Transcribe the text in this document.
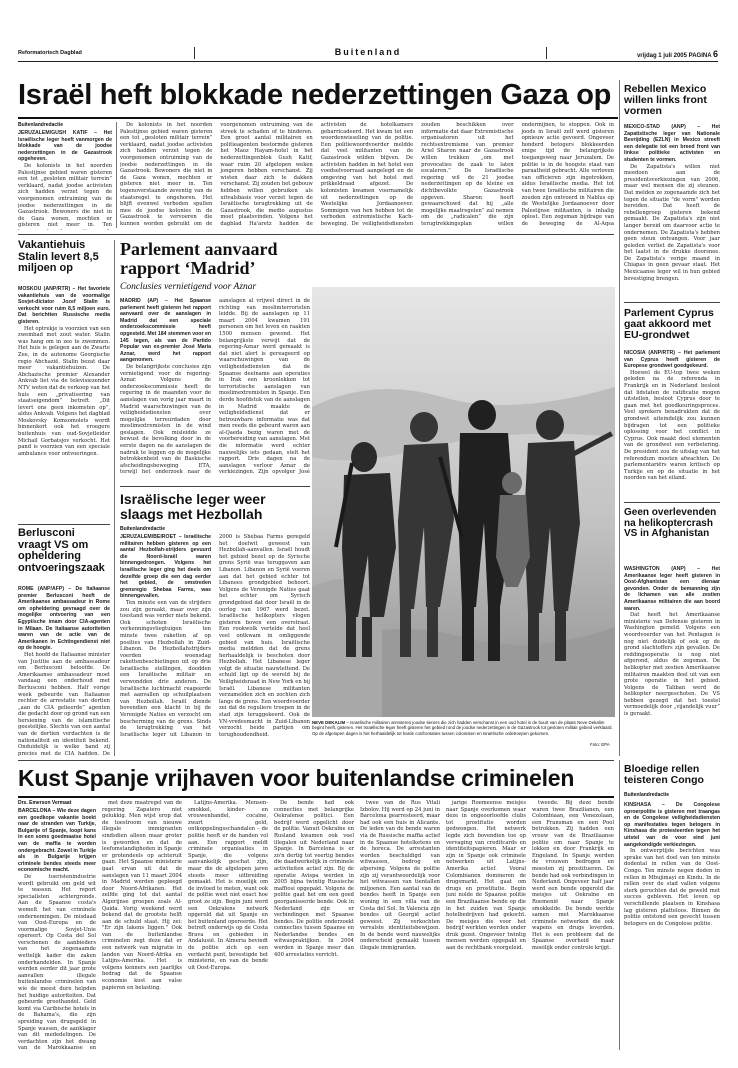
Reformatorisch Dagblad	Buitenland	vrijdag 1 juli 2005 PAGINA 6
Israël heft blokkade nederzettingen Gaza op
Buitenlandredactie

JERUZALEM/GUSH KATIF – Het Israëlische leger heeft vanmorgen de blokkade van de joodse nederzettingen in de Gazastrook opgeheven.

De kolonists in het noorden Palestijnse gebied waren gisteren een tot „gesloten militair terrein” verklaard, nadat joodse activisten zich hadden verzet tegen de voorgenomen ontruiming van de joodse nederzettingen in de Gazastrook. Bewoners die niet in de Gaza wonen, mochten er gisteren niet meer in. Ten

De kolonists in het noorden Palestijnse gebied waren gisteren een tot „gesloten militair terrein” verklaard, nadat joodse activisten zich hadden verzet tegen de voorgenomen ontruiming van de joodse nederzettingen in de Gazastrook. Bewoners die niet in de Gaza wonen, mochten er gisteren niet meer in. Ten tegenoverstaande zeventig van de staatsregel te ongehoren. Het blijft evenwel verboden spullen mee de joodse kolonies in de Gazastrook te vervoeren die kunnen worden gebruikt om de voorgenomen ontruiming van de streek te schaden of te hinderen. Een groot aantal militairen en politieagenten bestormde gisteren het Maoz Hayam-hotel in het nederzettingenblok Gush Katif, waar ruim 20 afgelopen weken jongeren hebben verschanst. Zij wisten daar zich te dakken verschanst. Zij zouden het gebouw hebben willen gebruiken als uitvalsbasis voor verzet tegen de Israëlische terugtrekking uit de Gazastrook, die medio augustus moet plaatsvinden. Volgens het dagblad Ha'aretz hadden de activisten de hotelkamers gebarricadeerd. Het kwam tot een woordenwisseling van de politie. Een politiewoordvoerder meldde dat veel militanten van de Gazastrook wilden blijven. De activisten hadden in het hotel een voedselvoorraad aangelegd en de omgeving van het hotel met prikkeldraad afgezet. De kolonisten kwamen voornamelijk uit nederzettingen op de Westelijke Jordaanoever. Sommigen van hen hebben tot de verboden extremistische Kach-beweging. De veiligheidsdiensten zouden beschikken over informatie dat daar Extremistische organisatoren uit het rechtsextremisme van premier Ariel Sharon naar de Gazastrook willen trekken „om met provocaties de zaak te laten escaleren.” De Israëlische regering wil de 21 joodse nederzettingen op de kleine en dichtbevolkte Gazastrook opgeven. Sharon heeft gewaarschuwd dat hij „alle mogelijke maatregelen” zal nemen om de „radicalen” die zijn terugtrekkingsplan willen ondermijnen, te stoppen. Ook in joods in Israël zelf werd gisteren opnieuw actie gevoerd. Ongeveer honderd betogers blokkeerden enige tijd de belangrijkste toegangsweg naar Jeruzalem. De politie is in de hoogste staat van paraatheid gebracht. Alle verloven van officieren zijn ingetrokken, aldus Israëlische media. Het tot van twee Israëlische militairen die zouden zijn ontvoerd in Nablus op de Westelijke Jordaanoever door Palestijnse militanten, is inhalig oplost. Een zegsman bijdrage van de beweging de Al-Aqsa

Vakantiehuis Stalin levert 8,5 miljoen op

MOSKOU (ANP/RTR) – Het favoriete vakantiehuis van de voormalige Sovjet-dictator Jozef Stalin is verkocht voor ruim 8,5 miljoen euro. Dat berichtten Russische media gisteren.

Het optrekje is voorzien van een zwembad met zout water. Stalin was hang om in zee te zwemmen. Het huis is gelegen aan de Zwarte Zee, in de autonome Georgische regio Abchazië. Stalin bezat daar meer vakantiehuizen. De Abchazische premier Alexander Ankvab liet via de televisiezender NTV weten dat de verkoop van het huis een „privatisering van staatseigendom” betreft. „Dit levert ons geen inkomsten op”, aldus Ankvab. Volgens het dagblad Moskovsky Komsomolets wordt binnenkort ook het vroegere buitenhuis van oud-Sovjetleider Michail Gorbatsjov verkocht. Het pand is voorzien van een speciale ambulance voor ontvoeringen.

Berlusconi vraagt VS om opheldering ontvoeringszaak

ROME (ANP/AFP) – De Italiaanse premier Berlusconi heeft de Amerikaanse ambassadeur in Rome om opheldering gevraagd over de mogelijke ontvoering van een Egyptische imam door CIA-agenten in Milaan. De Italiaanse autoriteiten waren van de actie van de Amerikanen in Echtingendienst niet op de hoogte.

Het hoofd de Italiaanse minister van Justitie aan de ambassadeur om Berlusconi beloofde. De Amerikaanse ambassadeur moet vandaag een onderhoud met Berlusconi hebben. Half vorige week gebeurde van Italiaanse rechter de arrestatie van dertien „aan de CIA gelieerde” agenten die gedacht door op grond van een hersiening van de islamitische geestelijke. Slechts van een aantal van de dertien verdachten is de nationaliteit en identiteit bekend. Onduidelijk is welke band zij precies met de CIA hadden. De

Parlement aanvaard rapport ‘Madrid’
Conclusies vernietigend voor Aznar

MADRID (AP) – Het Spaanse parlement heeft gisteren het rapport aanvaard over de aanslagen in Madrid dat een speciale onderzoekscommissie heeft opgesteld. Met 184 stemmen voor en 145 tegen, als van de Partido Popular van ex-premier José María Aznar, werd het rapport aangenomen.

De belangrijkste conclusies zijn vernietigend voor de regering-Aznar. Volgens de onderzoekscommissie heeft de regering in de maanden voor de aanslagen van vorig jaar maart in Madrid waarschuwingen van de veiligheidsdiensten over mogelijke terreurdaden door moslimextremisten in de wind geslagen. Ook misleidde ze bewust de bevolking door in de eerste dagen na de aanslagen de nadruk te leggen op de mogelijke betrokkenheid van de Baskische afscheidingsbeweging ETA, terwijl het onderzoek naar de aanslagen al vrijwel direct in de richting van moslimterroristen leidde. Bij de aanslagen op 11 maart 2004 kwamen 191 personen om het leven en raakten 1500 mensen gewond. Het belangrijkste verwijt dat de regering-Aznar werd gemaakt is dat niet alert is gereageerd op waarschuwingen van de veiligheidsdiensten dat de Spaanse deelname aan operaties in Irak een kroonlekken tot terroristische aanslagen van moslimextremisten in Spanje. Een derde hoofdstuk van de aanslagen in Madrid maakte de veiligheidsdienst dat er betrouwbare informatie was dat men reeds die gebeurd waren aan al-Qaeda bezig waren met de voorbereiding van aanslagen. Met die informatie werd echter nauwelijks iets gedaan, stelt het rapport. Drie dagen na de aanslagen verloor Aznar de verkiezingen. Zijn opvolger José

Israëlische leger weer slaags met Hezbollah
Buitenlandredactie

JERUZALEM/BEIROET – Israëlische militairen hebben gisteren op een aantal Hezbollah-strijders gevuurd die Noord-Israël waren binnengedrongen. Volgens het Israëlische leger ging het deels om dezelfde groep die een dag eerder het gebied, de omstreden grensregio Shebaa Farms, was binnengevallen.

Ten minste een van de strijders zou zijn geraakt, maar over zijn toestand was verder niets bekend. Ook schoten Israëlische verkenningsvliegtuigen ten minste twee raketten af op posities van Hezbollah in Zuid-Libanon. De Hezbollahstrijders voerden woensdag rakettenbeschietingen uit op drie Israëlische stellingen, doodden een Israëlische militair en verwondden drie anderen. De Israëlische luchtmacht reageerde met aanvallen op schuilplaatsen van Hezbollah. Israël diende bovendien een klacht in bij de Verenigde Naties en verzocht om bescherming van de grens. Sinds de terugtrekking van het Israëlische leger uit Libanon in 2000 is Shebaa Farms geregeld het doelwit geweest van Hezbollah-aanvallen. Israël houdt het gebied bezet op de Syrische grens Syrië was teruggaven aan Libanon. Libanon en Syrië voeren aan dat het gebied echter tot Libanees grondgebied behoort. Volgens de Verenigde Naties gaat het echter om Syrisch grondgebied dat door Israël in de oorlog van 1967 werd bezet. Israëlische helikopters vlogen gisteren boven een overstraat. Een rookwolk vertelde dat heel veel ontkwam in omliggende gebied van huis. Israëlische media meldden dat de grens herhaaldelijk is beschoten door Hezbollah. Het Libanese leger volgt de situatie nauwlettend. De schuld ligt op de wereld bij de Veiligheidsraad in New York en bij Israël. Libanese militanten verzamelden zich en zochten zich langs de grens. Een woordvoerder zei dat de reguliere troepen in de stad zijn teruggekeerd. Ook de VN-vredesmacht in Zuid-Libanon verzocht beide partijen om terughoudendheid.

NEVE DEKALIM – Israëlische militairen arresteren joodse tieners die zich hadden verschanst in een oud hotel in de buurt van de plaats Neve Dekalim begint heeft, gisteren. Het Israëlische leger heeft gisteren het gebied rond de joodse nederzettingen in de Gazastrook tot gesloten militair gebied verklaard. Op de afgelopen dagen is het herhaaldelijk tot harde confrontaties tussen colonisten en Israëlische ordetroepen gekomen.
Foto: EPA
Rebellen Mexico willen links front vormen

MEXICO-STAD (ANP) – Het Zapatistische leger van Nationale Bevrijding (EZLN) in Mexico streeft een delegatie tot een breed front van linkse politieke activisten en studenten te vormen.

De Zapatista's willen niet meedoen aan de presidentsverkiezingen van 2006, maar wel mensen die zij steunen. Dat melden ze zogenaamde zich het tegen de situatie "de vorm" worden bereiden. Dat heeft de rebellengroep gisteren bekend gemaakt. De Zapatista's zijn niet langer bereid om daarvoor actie te ondernemen. De Zapatista's hebben geen steun ontvangen. Voor jaar geleden verliet de Zapatista's voor het laatst in de drukke doorsnee. De Zapatista's vorige maand in Chiapas in geen gevaar staat. Het Mexicaanse leger wil in hun gebied bevestiging brengen.

Parlement Cyprus gaat akkoord met EU-grondwet

NICOSIA (ANP/RTR) – Het parlement van Cyprus heeft gisteren de Europese grondwet goedgekeurd.

Hoewel de EU-top twee weken geleden na de referenda in Frankrijk en in Nederland besloot dat lidstaten de ratificatie mogen uitstellen, besloot Cyprus door te gaan met het goedkeuringsproces. Veel sprekers benadrukten dat de grondwet uiteindelijk zou kunnen bijdragen tot een politieke oplossing voor het conflict in Cyprus. Ook maakt deel elementen van de grondwet een verbetering. De president zou de uitslag van het referendum moeten afwachten. De parlementariërs waren kritisch op Turkije en op de situatie in het noorden van het eiland.

Geen overlevenden na helikoptercrash VS in Afghanistan

WASHINGTON (ANP) – Het Amerikaanse leger heeft gisteren in Oost-Afghanistan een dienaar gevonden. Onder de bemanning zijn de lichamen van alle zestien Amerikaanse militairen die aan boord waren.

Dat heeft het Amerikaanse ministerie van Defensie gisteren in Washington gemeld. Volgens een woordvoerder van het Pentagon is nog niet duidelijk of ook op de grond slachtoffers zijn gevallen. De reddingsoperatie is nog niet afgerond, aldus de zegsman. De helikopter met zestien Amerikaanse militairen maakten deel uit van een grote operatie in het gebied. Volgens de Taliban werd de helikopter neergeschoten. De VS hebben gezegd dat het toestel vermoedelijk door „vijandelijk vuur” is geraakt.

Kust Spanje vrijhaven voor buitenlandse criminelen
Drs. Emerson Vermaat

BARCELONA – Wie deze dagen een goedkope vakantie boekt naar de stranden van Turkije, Bulgarije of Spanje, loopt kans in een soms goedmaatse hotel van de maffia te worden ondergebracht. Zowel in Turkije als in Bulgarije krijgen criminele bendes steeds meer economische macht.

De toeristenindustrie wordt gebruikt om geld wit te wassen. Het report specialisten achtergronds. Aan de Spaanse costa's wemelt het van criminele ondernemingen. De misdaad van Oost-Europa en de voormalige Sovjet-Unie opereert. Op Costa del Sol verschenen de aanbieders van het zogenaamde wettelijk kader die zaken onderhandelden. In Spanje werden eerder dit jaar grote aanvallen illegale buitenlandse criminelen van wie de meest dure helpden het huidige autoriteiten. Dat gebeurde groothandel. Geld komt via Caribische hotels in de Bahama's, die zijn spreiding van drugsgeld in Spanje wassen, de aanklager van dit mededelingen. De verdachten zijn het dwang van de Marokkaanse en

met deze maatregel van de regering Zapatero niet gelukkig. Men wijst erop dat de toestroom van nieuwe illegale immigranten sindsdien alleen maar groter is geworden en dat de leefomstandigheden in Spanje er grotendeels op achteruit gaan. Het Spaanse ministerie gaat ervan uit dat de aanslagen van 11 maart 2004 in Madrid werden gepleegd door Noord-Afrikanen. Het zelfde ging tot dat aantal Algerijnse groepen zoals Al-Qaida. Vorig weekend werd bekend dat de grootste helft aan de schuld staat. Hij zei: "Er zijn lakens liggen." Ook van de buitenlandse criminelen zegt deze dat er een netwerk van migratie in landen van Noord-Afrika en Latijns-Amerika. Het is volgens kenners een jaarlijks bedrag dat de Spaanse economie kost aan valse papieren en belasting.

Latijns-Amerika. Mensen-smokkel, kinder- en vrouwenhandel, cocaïne, zwart geld, ontkoppelingsschandalen – de politie heeft er de handen vol aan. Een rapport meldt criminele organisaties in Spanje, die volgens aanvankelijk geschat zijn, maar die de afgelopen jaren steeds meer uitbreiding gemaakt. Het is moeilijk om de invloed te meten, want ook de politie weet niet exact hoe groot ze zijn. Begin juni werd een Oekraïens netwerk opgerold dat uit Spanje en het buitenland opereerde. Het betreft onderwijs op de Costa Brava en gebieden in Andalusië. In Almeria bevindt de politie zich op een verdacht punt, bevestigde het ministerie, en van de bende uit Oost-Europa.

De bende had ook connecties met belangrijke Oekraïense politici. Een bedrijf werd opgelicht door de politie. Vanuit Oekraïne en Rusland kwamen ook veel illegalen uit Nederland naar Spanje. In Barcelona is er zo'n dertig tot veertig bendes die daadwerkelijk in criminele activiteiten actief zijn. Bij de operatie Avispa werden in 2005 bijna twintig Russische maffiosi opgepakt. Volgens de politie gaat het om een goed georganiseerde bende. Ook in Nederland zijn er verbindingen met Spaanse bendes. De politie onderzoekt connecties tussen Spaanse en Nederlandse bendes en witwaspraktijken. In 2004 werden in Spanje meer dan 400 arrestaties verricht.

twee van de Rus Vitali Izbolov. Hij werd op 24 juni in Barcelona gearresteerd, maar had ook een huis in Alicante. De leden van de bende waren via de Russische maffia actief in de Spaanse hotelketens en de horeca. De arrestanten worden beschuldigd van witwassen, bedrog en afpersing. Volgens de politie zijn zij verantwoordelijk voor het witwassen van tientallen miljoenen. Een aantal van de bendes heeft in Spanje een woning in een villa van de Costa del Sol. In Valencia zijn bendes uit Georgië actief geweest. Zij verkochten vervalste identiteitsbewijzen. In de bende werd nauwelijks onderscheid gemaakt tussen illegale immigranten.

jarige Roemeense meisjes naar Spanje overkomen waar deze in ongeoorloofde clubs tot prostitutie worden gedwongen. Het netwerk legde zich bovendien toe op vervaging van creditcards en identiteitspapieren. Maar er zijn in Spanje ook criminele netwerken uit Latijns-Amerika actief. Vooral Colombianen domineren de drugsmarkt. Het gaat om drugs en prostitutie. Begin juni nolde de Spaanse politie een Braziliaanse bende op die in het zuiden van Spanje hotelbedrijven had gekocht. De meisjes die voor het bedrijf werkten werden onder druk gezet. Ongeveer twintig mensen werden opgepakt en aan de rechtbank voorgeleid.

tweede. Bij deze bende waren twee Brazilianen, een Colombiaan, een Venezolaan, een Fransman en een Pool betrokken. Zij hadden een vrouw van de Braziliaanse politie om naar Spanje te lokken en door Frankrijk en Engeland. In Spanje werden de vrouwen bedrogen en moesten zij prostitueren. De bende had ook verbindingen in Nederland. Ongeveer half jaar werd een bende opgerold die meisjes uit Oekraïne en Roemenië naar Spanje smokkelde. De bende werkte samen met Marokkaanse criminele netwerken die ook wapens en drugs leverden. Het is een probleem dat de Spaanse overheid maar moeilijk onder controle krijgt.

Bloedige rellen teisteren Congo
Buitenlandredactie

KINSHASA – De Congolese oproerpolitie is gisteren met traangas en de Congolese veiligheidsdiensten op manifestaties tegen betogers in Kinshasa die protesteerden tegen het uitstel van de voor eind juni aangekondigde verkiezingen.

In ontwerptijde berichten was sprake van het doel van ten minste dodental in rellen van de Oost-Congo. Ten minste negen doden in rellen in Mbujimayi en Kindu. In de rellen over de stad vallen volgens sterk geruchten dat de geweld met succes gebleven. Het leven op verschillende plaatsen in Kinshasa lag gisteren platteloos. Binnen de politie ontstond een gevecht tussen betogers en de Congolese politie.
